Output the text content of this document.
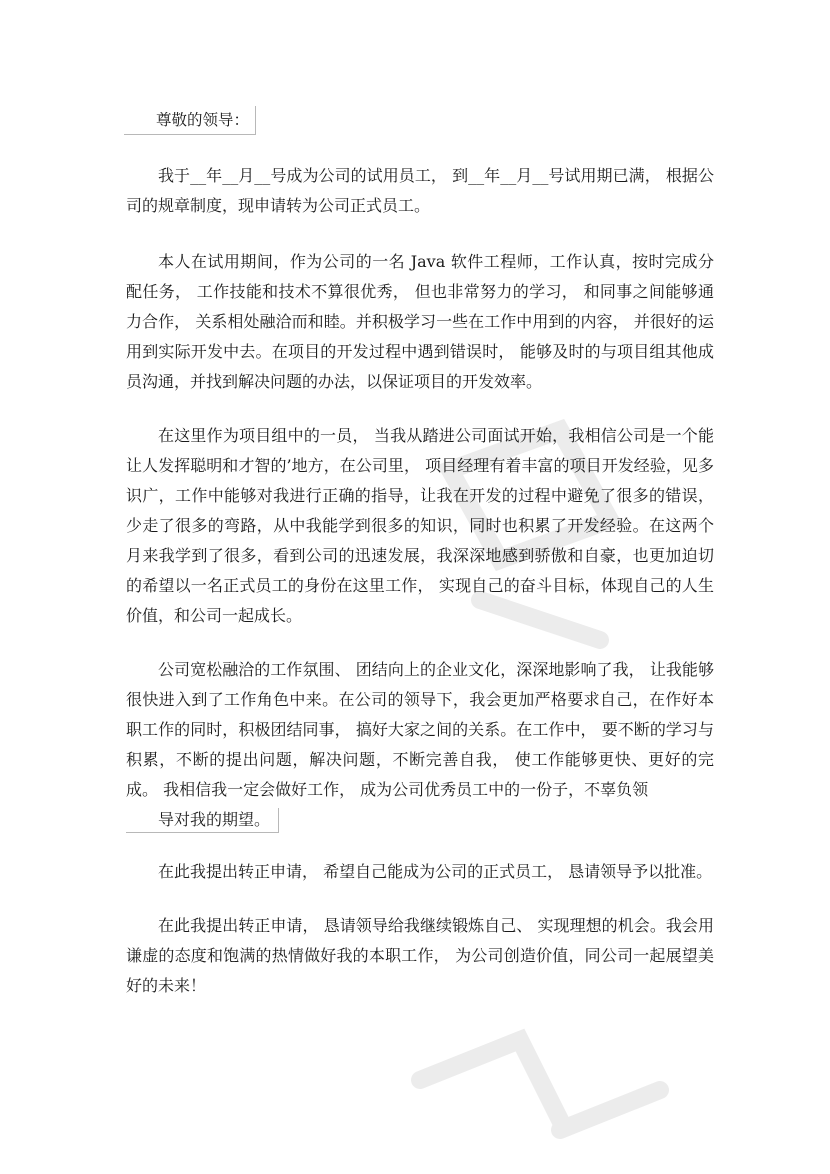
尊敬的领导：

我于__年__月__号成为公司的试用员工， 到__年__月__号试用期已满， 根据公司的规章制度，现申请转为公司正式员工。

本人在试用期间，作为公司的一名 Java 软件工程师，工作认真，按时完成分配任务， 工作技能和技术不算很优秀， 但也非常努力的学习， 和同事之间能够通力合作， 关系相处融洽而和睦。并积极学习一些在工作中用到的内容， 并很好的运用到实际开发中去。在项目的开发过程中遇到错误时， 能够及时的与项目组其他成员沟通，并找到解决问题的办法，以保证项目的开发效率。

在这里作为项目组中的一员， 当我从踏进公司面试开始，我相信公司是一个能让人发挥聪明和才智的’地方，在公司里， 项目经理有着丰富的项目开发经验，见多识广，工作中能够对我进行正确的指导，让我在开发的过程中避免了很多的错误， 少走了很多的弯路，从中我能学到很多的知识，同时也积累了开发经验。在这两个月来我学到了很多，看到公司的迅速发展，我深深地感到骄傲和自豪，也更加迫切的希望以一名正式员工的身份在这里工作， 实现自己的奋斗目标，体现自己的人生价值，和公司一起成长。

公司宽松融洽的工作氛围、 团结向上的企业文化，深深地影响了我， 让我能够很快进入到了工作角色中来。在公司的领导下，我会更加严格要求自己，在作好本职工作的同时，积极团结同事， 搞好大家之间的关系。在工作中， 要不断的学习与积累，不断的提出问题，解决问题，不断完善自我， 使工作能够更快、更好的完成。 我相信我一定会做好工作， 成为公司优秀员工中的一份子，不辜负领
导对我的期望。

在此我提出转正申请， 希望自己能成为公司的正式员工， 恳请领导予以批准。

在此我提出转正申请， 恳请领导给我继续锻炼自己、 实现理想的机会。我会用谦虚的态度和饱满的热情做好我的本职工作， 为公司创造价值，同公司一起展望美好的未来！
